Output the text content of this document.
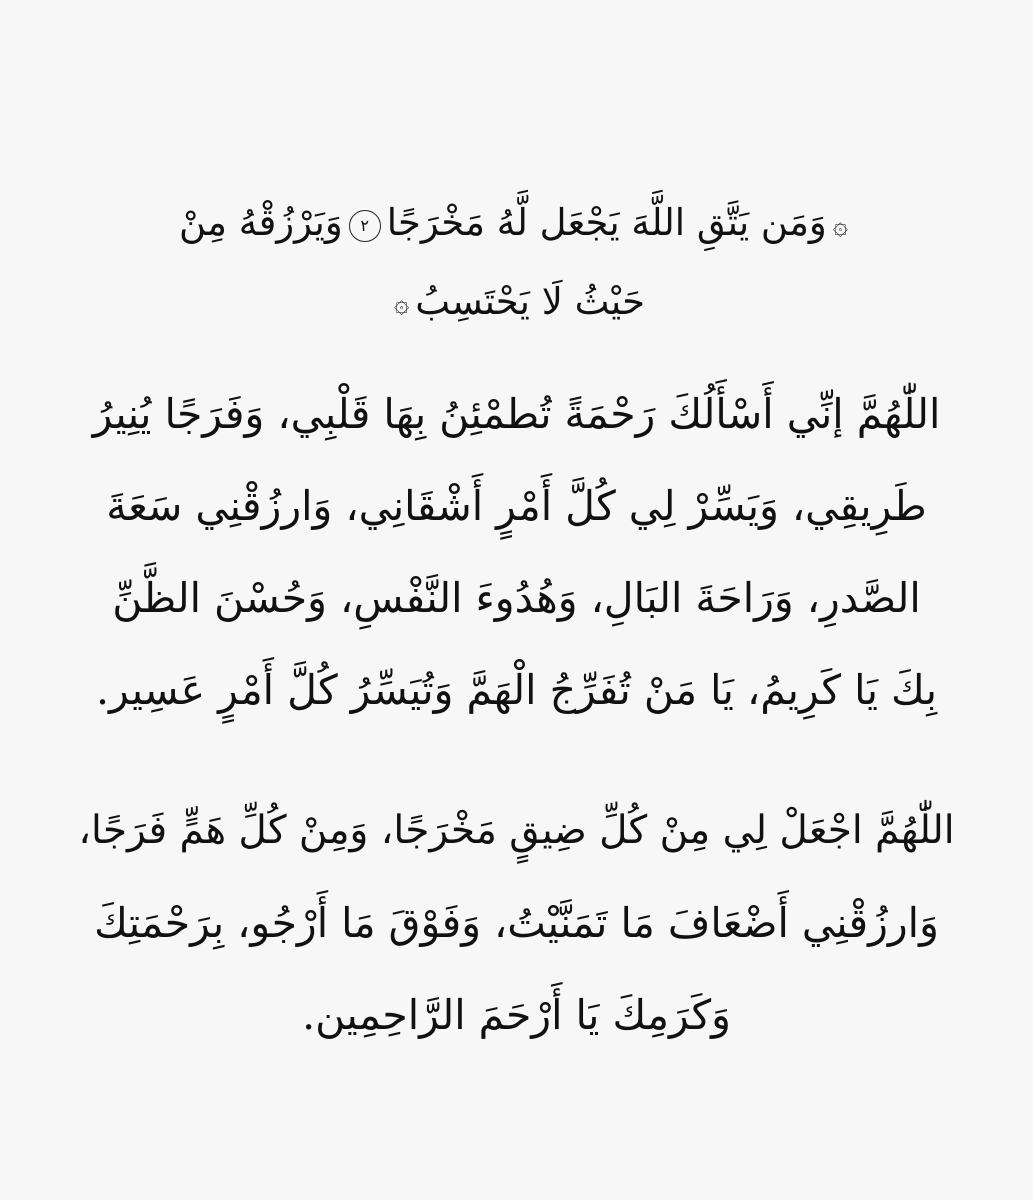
۞وَمَن يَتَّقِ اللَّهَ يَجْعَل لَّهُ مَخْرَجًا٢وَيَرْزُقْهُ مِنْ
حَيْثُ لَا يَحْتَسِبُ۞
اللّٰهُمَّ إنِّي أَسْأَلُكَ رَحْمَةً تُطمْئِنُ بِهَا قَلْبِي، وَفَرَجًا يُنِيرُ
طَرِيقِي، وَيَسِّرْ لِي كُلَّ أَمْرٍ أَشْقَانِي، وَارزُقْنِي سَعَةَ
الصَّدرِ، وَرَاحَةَ البَالِ، وَهُدُوءَ النَّفْسِ، وَحُسْنَ الظَّنِّ
بِكَ يَا كَرِيمُ، يَا مَنْ تُفَرِّجُ الْهَمَّ وَتُيَسِّرُ كُلَّ أَمْرٍ عَسِير.
اللّٰهُمَّ اجْعَلْ لِي مِنْ كُلِّ ضِيقٍ مَخْرَجًا، وَمِنْ كُلِّ هَمٍّ فَرَجًا،
وَارزُقْنِي أَضْعَافَ مَا تَمَنَّيْتُ، وَفَوْقَ مَا أَرْجُو، بِرَحْمَتِكَ
وَكَرَمِكَ يَا أَرْحَمَ الرَّاحِمِين.
